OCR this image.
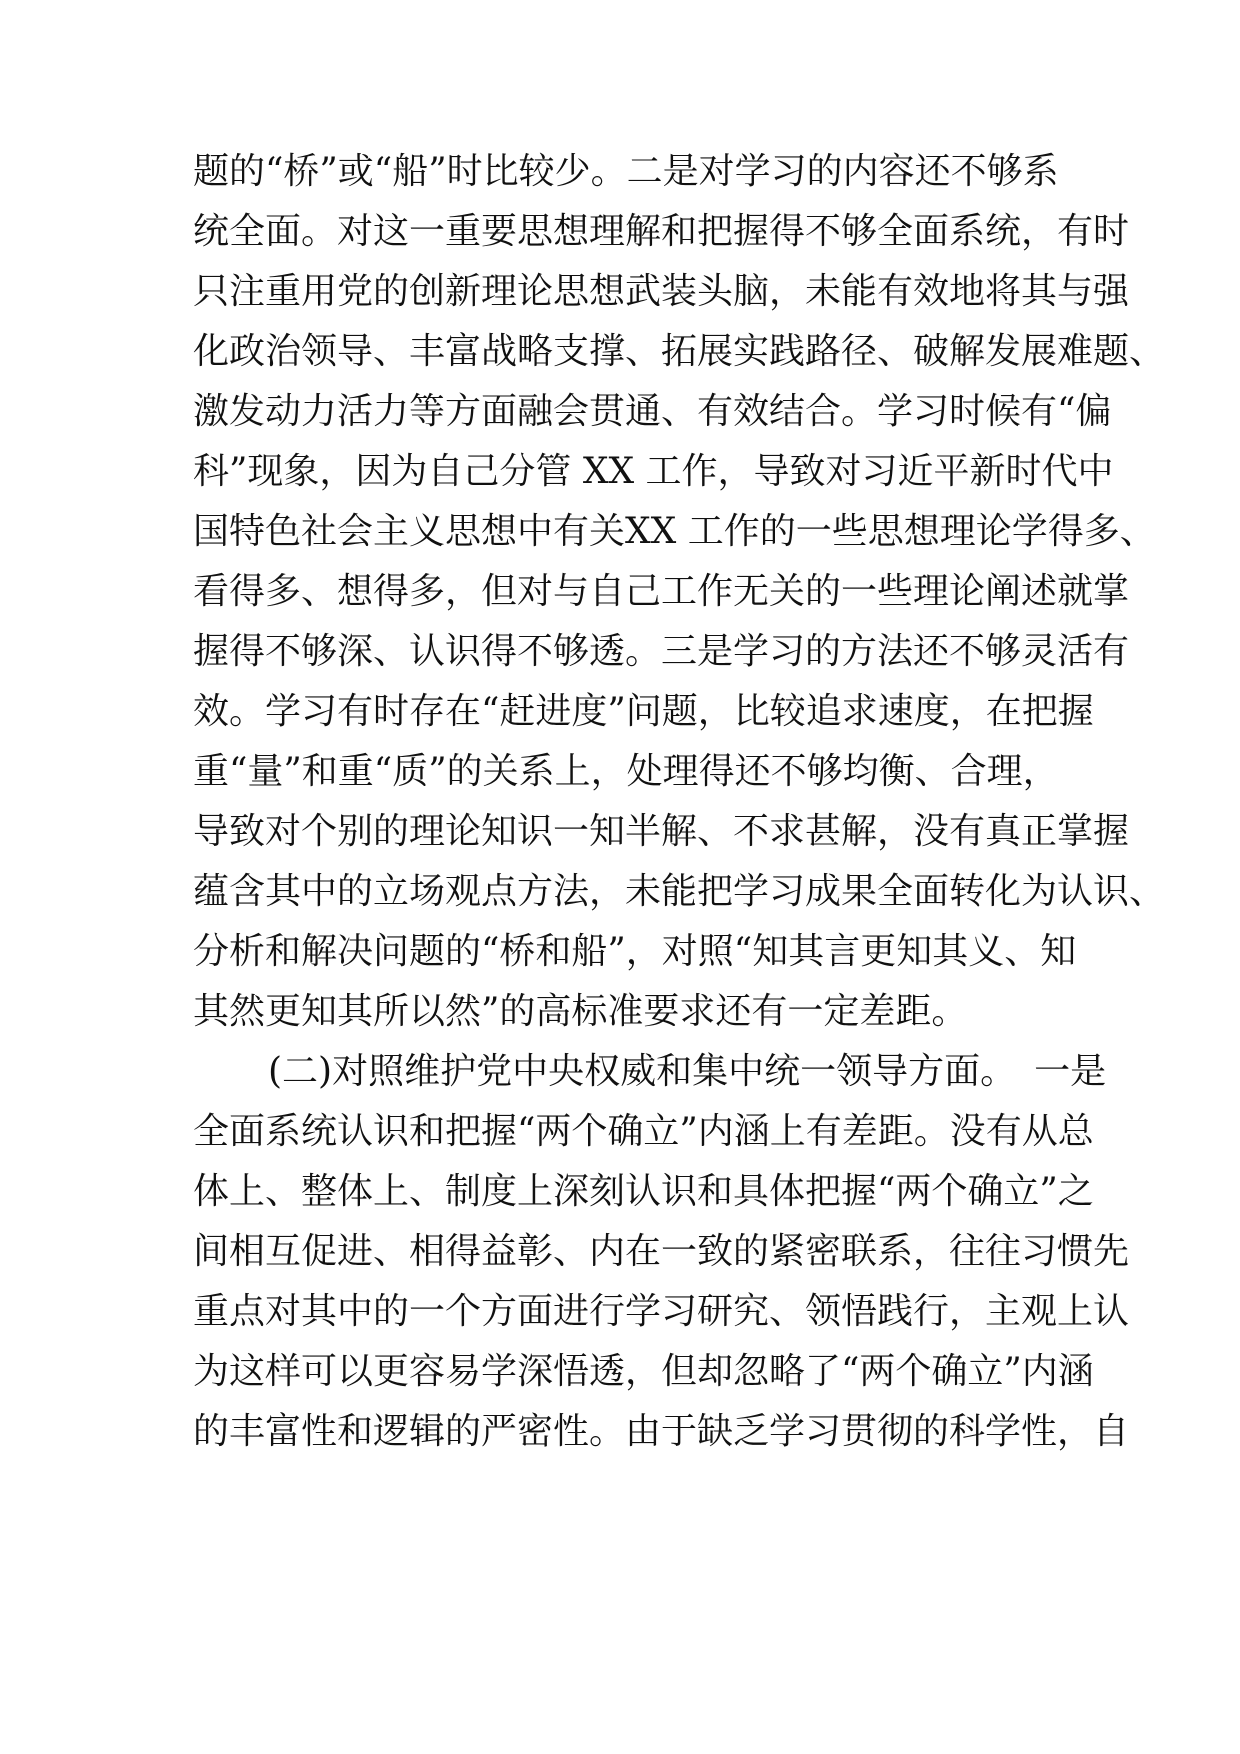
题的“桥”或“船”时比较少。二是对学习的内容还不够系
统全面。对这一重要思想理解和把握得不够全面系统，有时
只注重用党的创新理论思想武装头脑，未能有效地将其与强
化政治领导、丰富战略支撑、拓展实践路径、破解发展难题、
激发动力活力等方面融会贯通、有效结合。学习时候有“偏
科”现象，因为自己分管 XX 工作，导致对习近平新时代中
国特色社会主义思想中有关XX 工作的一些思想理论学得多、
看得多、想得多，但对与自己工作无关的一些理论阐述就掌
握得不够深、认识得不够透。三是学习的方法还不够灵活有
效。学习有时存在“赶进度”问题，比较追求速度，在把握
重“量”和重“质”的关系上，处理得还不够均衡、合理，
导致对个别的理论知识一知半解、不求甚解，没有真正掌握
蕴含其中的立场观点方法，未能把学习成果全面转化为认识、
分析和解决问题的“桥和船”，对照“知其言更知其义、知
其然更知其所以然”的高标准要求还有一定差距。
(二)对照维护党中央权威和集中统一领导方面。　一是
全面系统认识和把握“两个确立”内涵上有差距。没有从总
体上、整体上、制度上深刻认识和具体把握“两个确立”之
间相互促进、相得益彰、内在一致的紧密联系，往往习惯先
重点对其中的一个方面进行学习研究、领悟践行，主观上认
为这样可以更容易学深悟透，但却忽略了“两个确立”内涵
的丰富性和逻辑的严密性。由于缺乏学习贯彻的科学性，自
